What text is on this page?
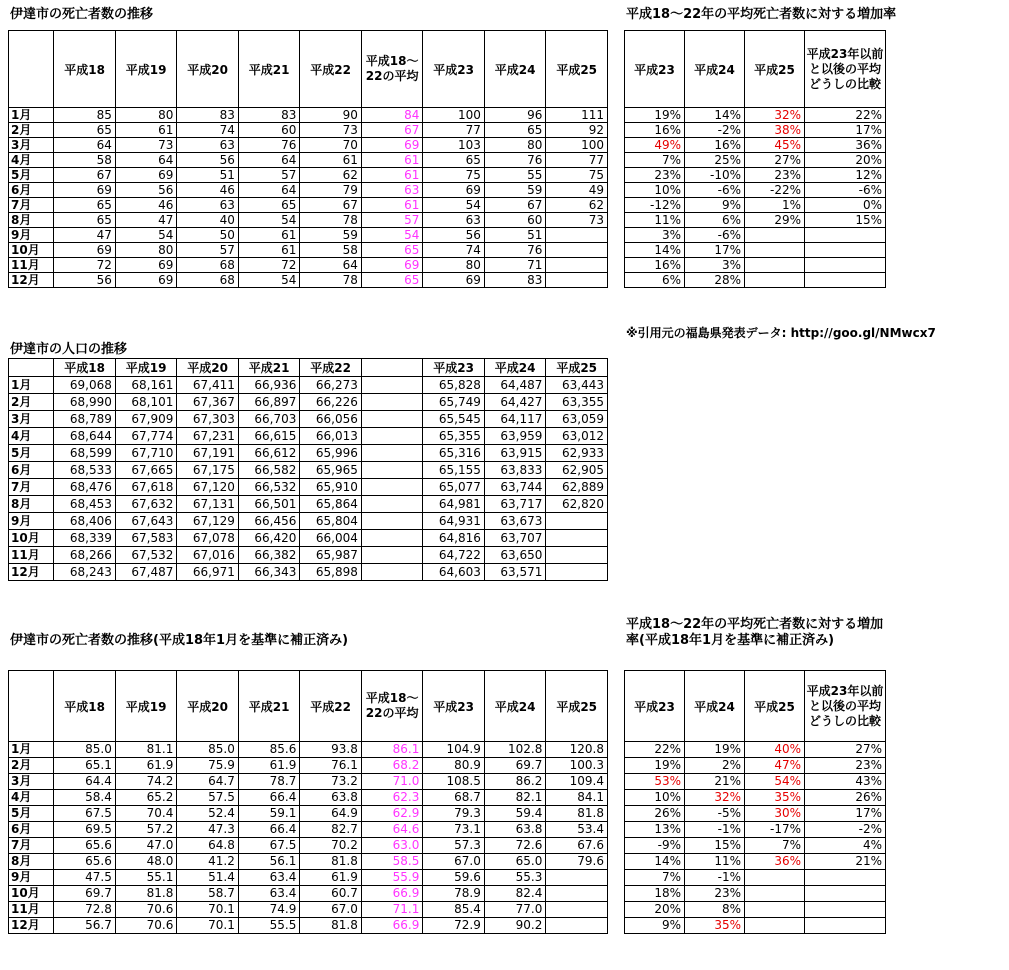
伊達市の死亡者数の推移	平成18～22年の平均死亡者数に対する増加率
	平成18	平成19	平成20	平成21	平成22	平成18～22の平均	平成23	平成24	平成25
1月	85	80	83	83	90	84	100	96	111
2月	65	61	74	60	73	67	77	65	92
3月	64	73	63	76	70	69	103	80	100
4月	58	64	56	64	61	61	65	76	77
5月	67	69	51	57	62	61	75	55	75
6月	69	56	46	64	79	63	69	59	49
7月	65	46	63	65	67	61	54	67	62
8月	65	47	40	54	78	57	63	60	73
9月	47	54	50	61	59	54	56	51	
10月	69	80	57	61	58	65	74	76	
11月	72	69	68	72	64	69	80	71	
12月	56	69	68	54	78	65	69	83	
平成23	平成24	平成25	平成23年以前と以後の平均どうしの比較
19%	14%	32%	22%
16%	-2%	38%	17%
49%	16%	45%	36%
7%	25%	27%	20%
23%	-10%	23%	12%
10%	-6%	-22%	-6%
-12%	9%	1%	0%
11%	6%	29%	15%
3%	-6%		
14%	17%		
16%	3%		
6%	28%		
※引用元の福島県発表データ: http://goo.gl/NMwcx7
伊達市の人口の推移
	平成18	平成19	平成20	平成21	平成22		平成23	平成24	平成25
1月	69,068	68,161	67,411	66,936	66,273		65,828	64,487	63,443
2月	68,990	68,101	67,367	66,897	66,226		65,749	64,427	63,355
3月	68,789	67,909	67,303	66,703	66,056		65,545	64,117	63,059
4月	68,644	67,774	67,231	66,615	66,013		65,355	63,959	63,012
5月	68,599	67,710	67,191	66,612	65,996		65,316	63,915	62,933
6月	68,533	67,665	67,175	66,582	65,965		65,155	63,833	62,905
7月	68,476	67,618	67,120	66,532	65,910		65,077	63,744	62,889
8月	68,453	67,632	67,131	66,501	65,864		64,981	63,717	62,820
9月	68,406	67,643	67,129	66,456	65,804		64,931	63,673	
10月	68,339	67,583	67,078	66,420	66,004		64,816	63,707	
11月	68,266	67,532	67,016	66,382	65,987		64,722	63,650	
12月	68,243	67,487	66,971	66,343	65,898		64,603	63,571	
伊達市の死亡者数の推移(平成18年1月を基準に補正済み)
平成18～22年の平均死亡者数に対する増加率(平成18年1月を基準に補正済み)
	平成18	平成19	平成20	平成21	平成22	平成18～22の平均	平成23	平成24	平成25
1月	85.0	81.1	85.0	85.6	93.8	86.1	104.9	102.8	120.8
2月	65.1	61.9	75.9	61.9	76.1	68.2	80.9	69.7	100.3
3月	64.4	74.2	64.7	78.7	73.2	71.0	108.5	86.2	109.4
4月	58.4	65.2	57.5	66.4	63.8	62.3	68.7	82.1	84.1
5月	67.5	70.4	52.4	59.1	64.9	62.9	79.3	59.4	81.8
6月	69.5	57.2	47.3	66.4	82.7	64.6	73.1	63.8	53.4
7月	65.6	47.0	64.8	67.5	70.2	63.0	57.3	72.6	67.6
8月	65.6	48.0	41.2	56.1	81.8	58.5	67.0	65.0	79.6
9月	47.5	55.1	51.4	63.4	61.9	55.9	59.6	55.3	
10月	69.7	81.8	58.7	63.4	60.7	66.9	78.9	82.4	
11月	72.8	70.6	70.1	74.9	67.0	71.1	85.4	77.0	
12月	56.7	70.6	70.1	55.5	81.8	66.9	72.9	90.2	
平成23	平成24	平成25	平成23年以前と以後の平均どうしの比較
22%	19%	40%	27%
19%	2%	47%	23%
53%	21%	54%	43%
10%	32%	35%	26%
26%	-5%	30%	17%
13%	-1%	-17%	-2%
-9%	15%	7%	4%
14%	11%	36%	21%
7%	-1%		
18%	23%		
20%	8%		
9%	35%		
